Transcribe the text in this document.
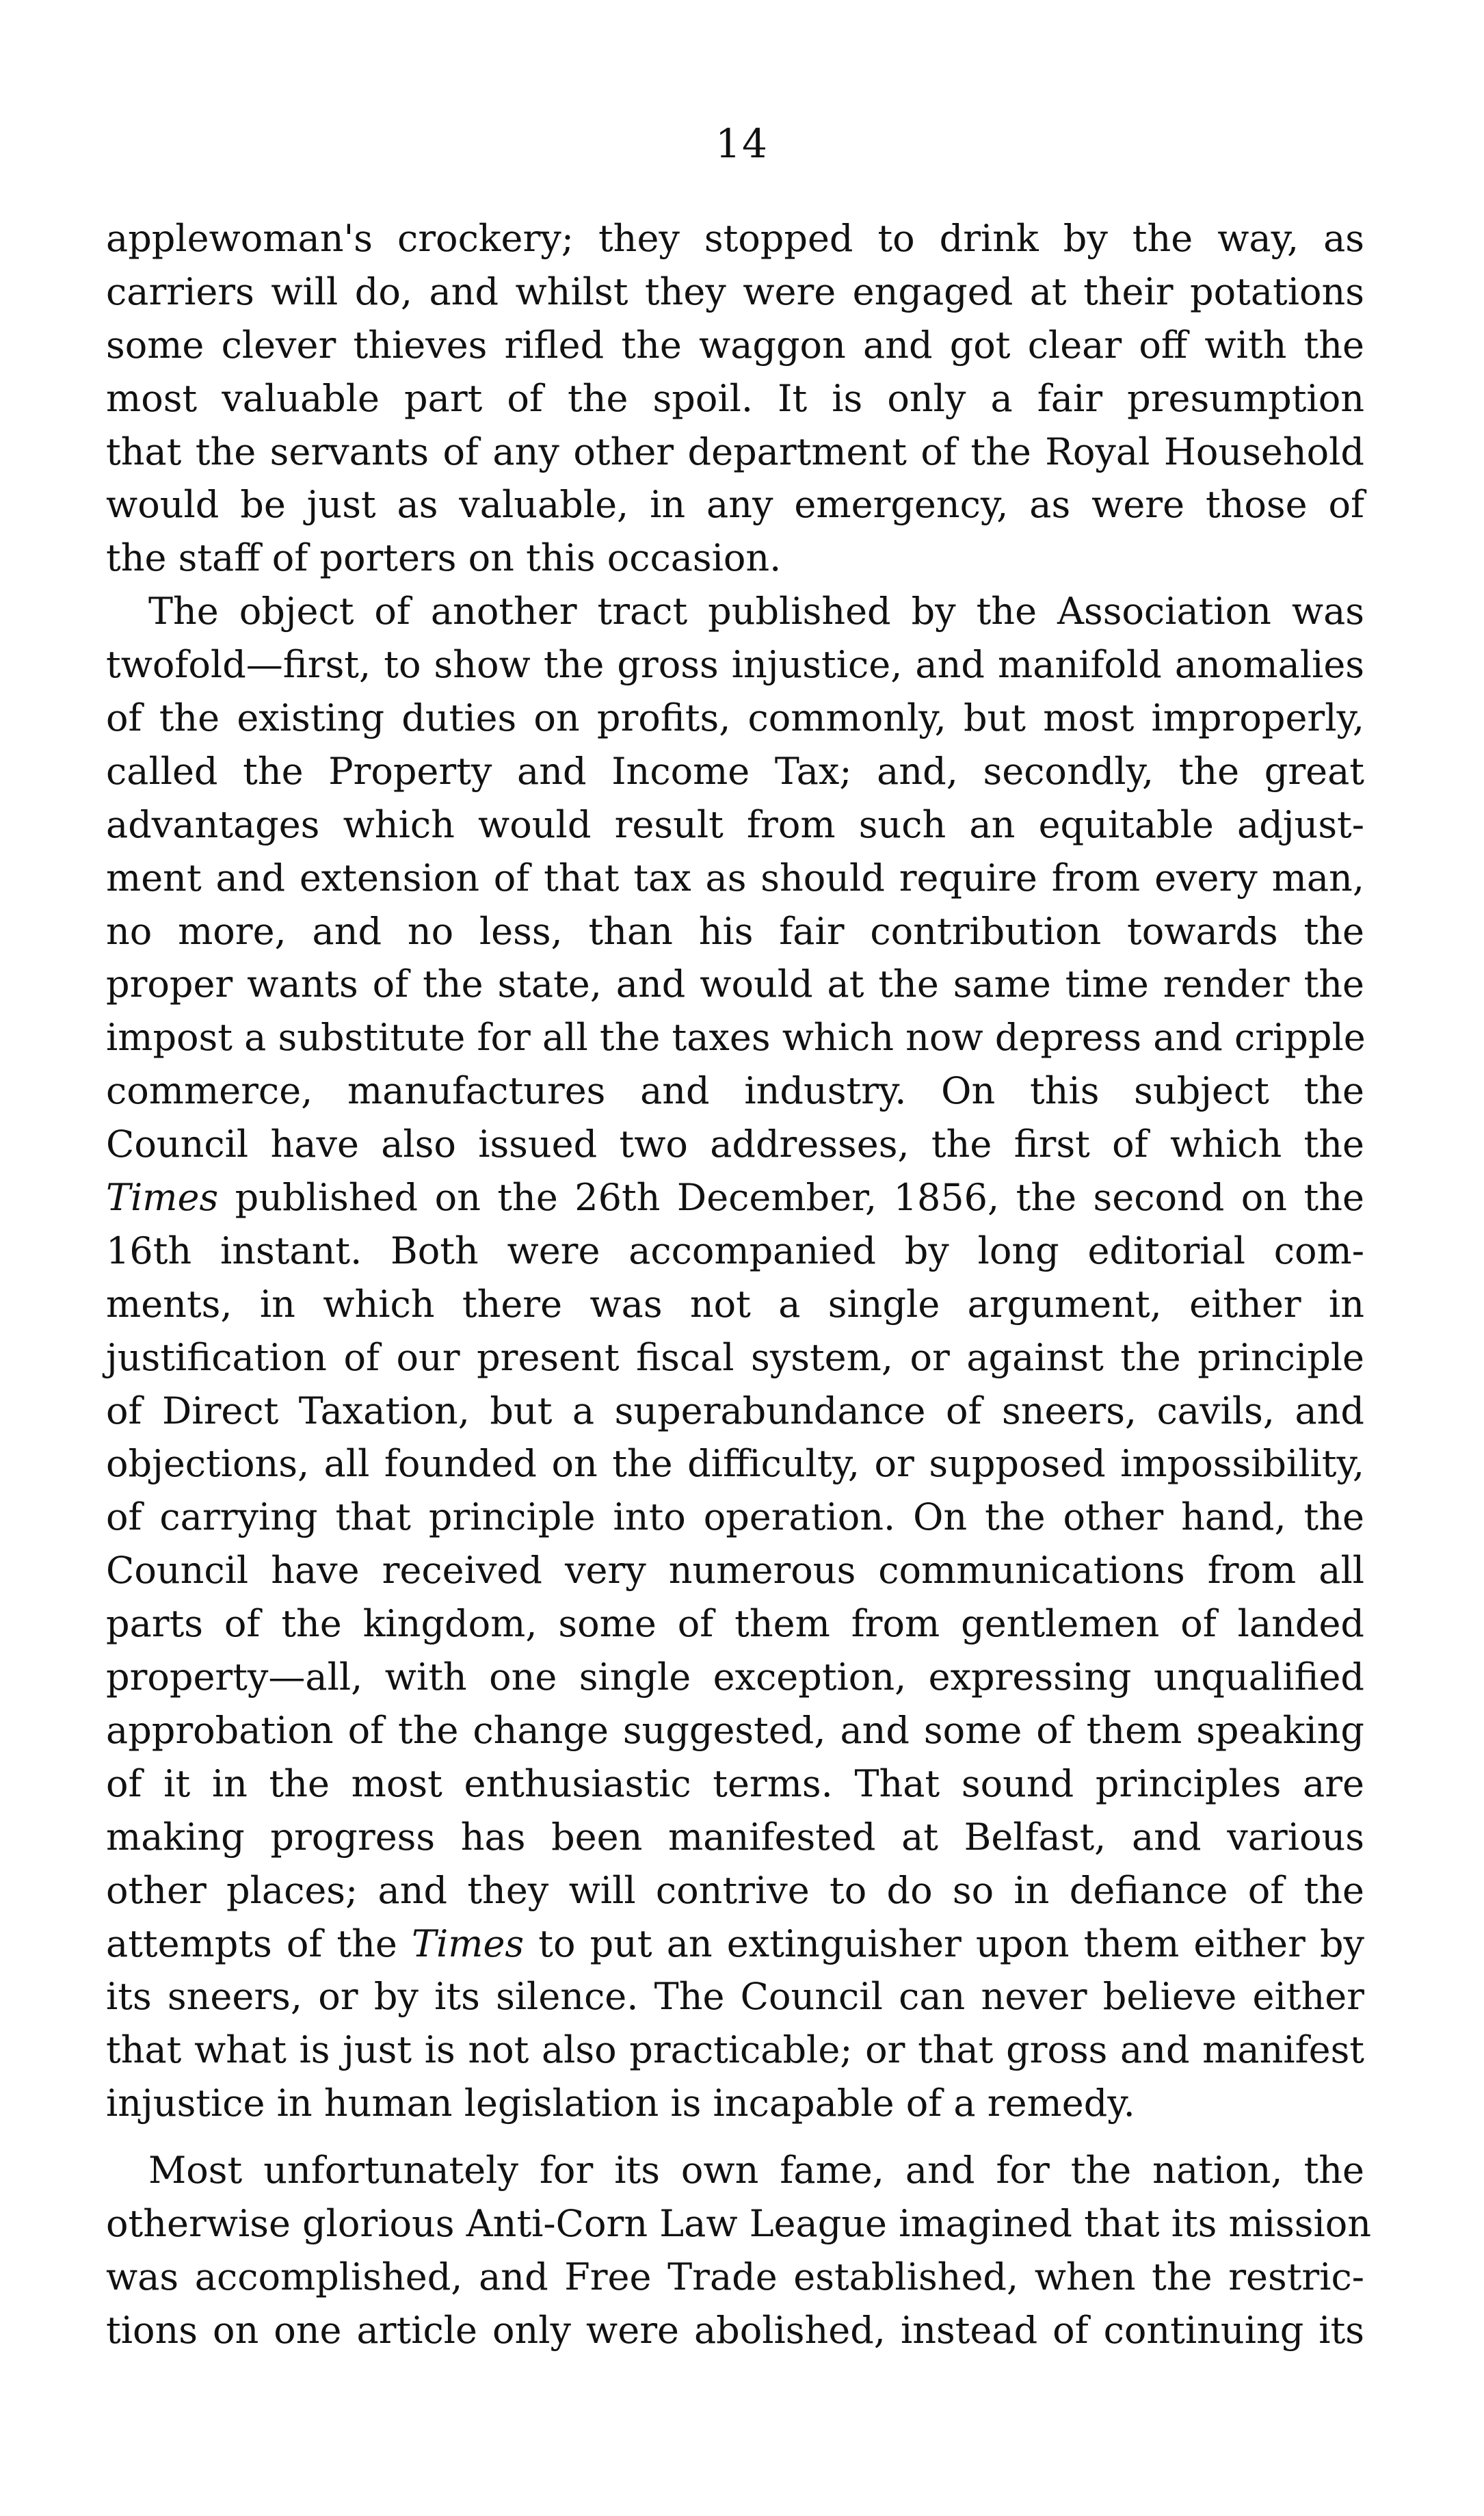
14
applewoman's crockery; they stopped to drink by the way, as
carriers will do, and whilst they were engaged at their potations
some clever thieves rifled the waggon and got clear off with the
most valuable part of the spoil. It is only a fair presumption
that the servants of any other department of the Royal Household
would be just as valuable, in any emergency, as were those of
the staff of porters on this occasion.
The object of another tract published by the Association was
twofold—first, to show the gross injustice, and manifold anomalies
of the existing duties on profits, commonly, but most improperly,
called the Property and Income Tax; and, secondly, the great
advantages which would result from such an equitable adjust-
ment and extension of that tax as should require from every man,
no more, and no less, than his fair contribution towards the
proper wants of the state, and would at the same time render the
impost a substitute for all the taxes which now depress and cripple
commerce, manufactures and industry. On this subject the
Council have also issued two addresses, the first of which the
Times published on the 26th December, 1856, the second on the
16th instant. Both were accompanied by long editorial com-
ments, in which there was not a single argument, either in
justification of our present fiscal system, or against the principle
of Direct Taxation, but a superabundance of sneers, cavils, and
objections, all founded on the difficulty, or supposed impossibility,
of carrying that principle into operation. On the other hand, the
Council have received very numerous communications from all
parts of the kingdom, some of them from gentlemen of landed
property—all, with one single exception, expressing unqualified
approbation of the change suggested, and some of them speaking
of it in the most enthusiastic terms. That sound principles are
making progress has been manifested at Belfast, and various
other places; and they will contrive to do so in defiance of the
attempts of the Times to put an extinguisher upon them either by
its sneers, or by its silence. The Council can never believe either
that what is just is not also practicable; or that gross and manifest
injustice in human legislation is incapable of a remedy.
Most unfortunately for its own fame, and for the nation, the
otherwise glorious Anti-Corn Law League imagined that its mission
was accomplished, and Free Trade established, when the restric-
tions on one article only were abolished, instead of continuing its
